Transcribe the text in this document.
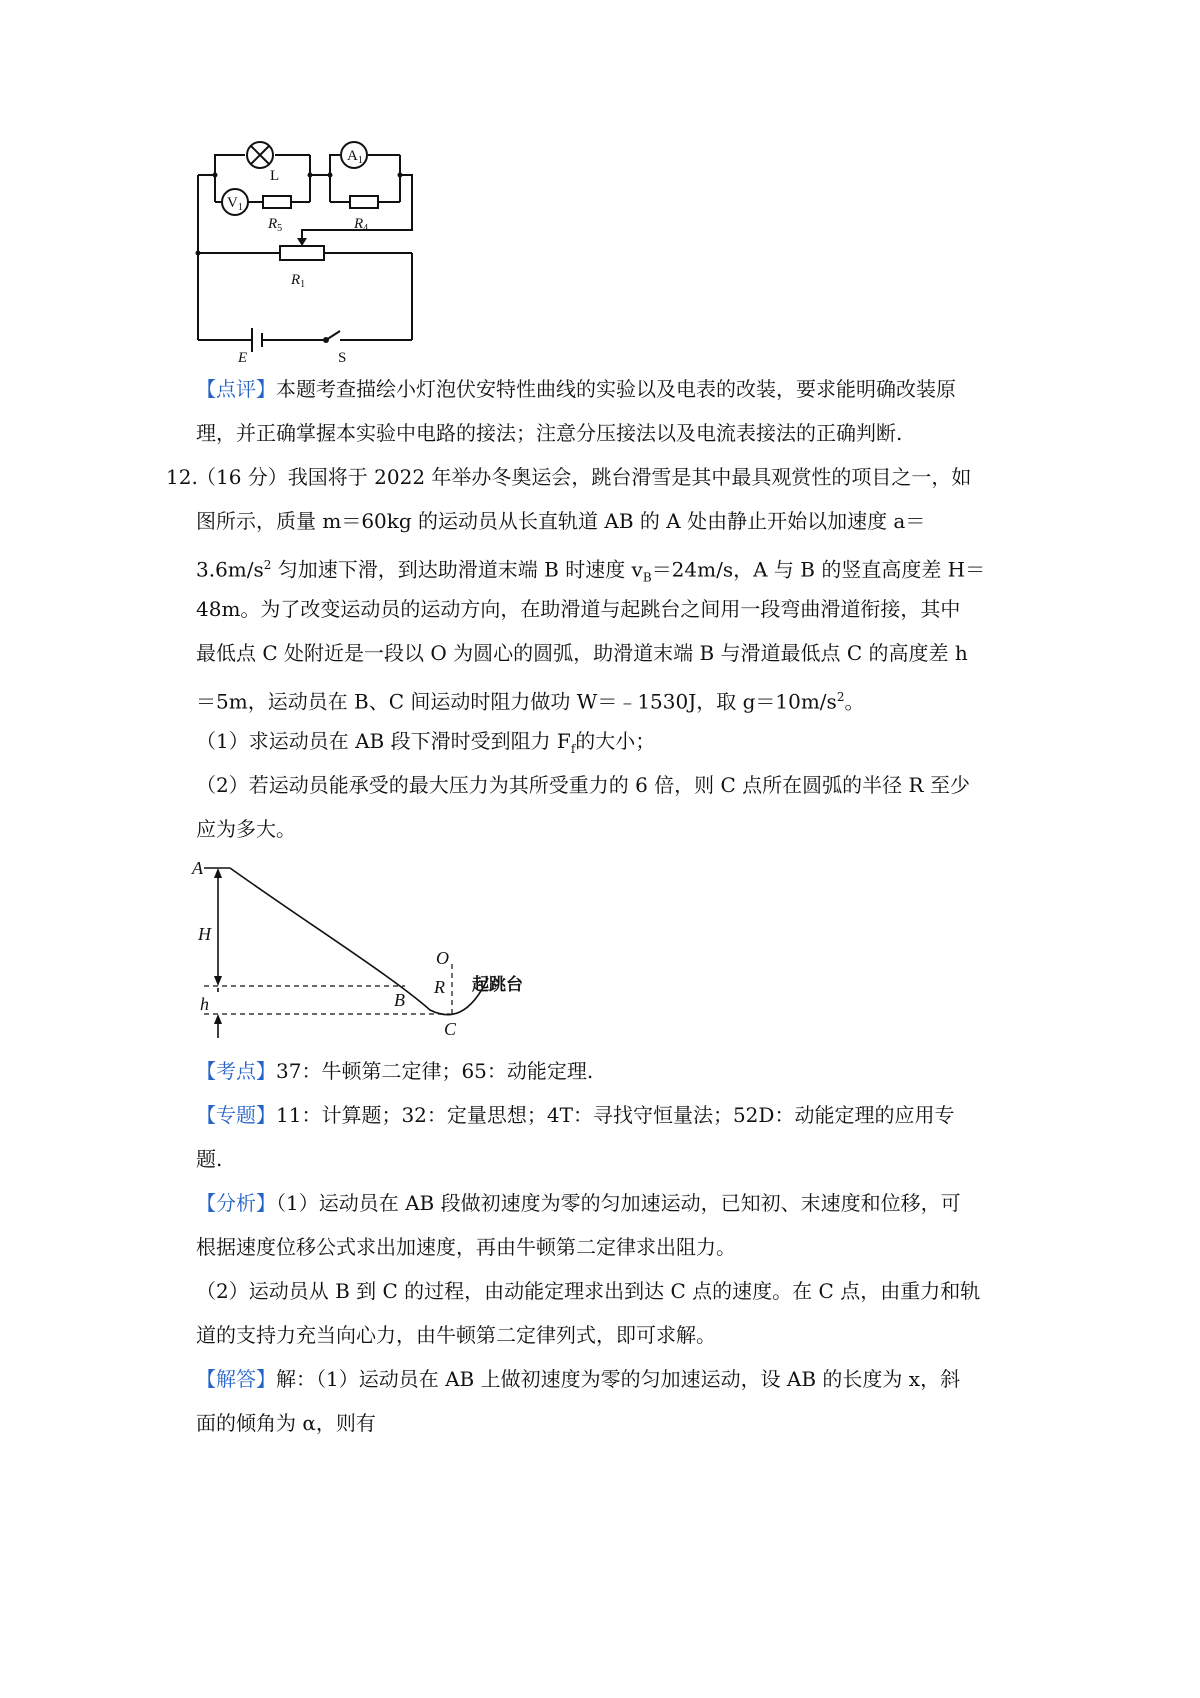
L
$A_1$
$V_1$
$R_5$	$R_4$
$R_1$
E	S
【点评】本题考查描绘小灯泡伏安特性曲线的实验以及电表的改装，要求能明确改装原
理，并正确掌握本实验中电路的接法；注意分压接法以及电流表接法的正确判断.
12.
（16 分）我国将于 2022 年举办冬奥运会，跳台滑雪是其中最具观赏性的项目之一，如
图所示，质量 m＝60kg 的运动员从长直轨道 AB 的 A 处由静止开始以加速度 a＝
$3.6m/s^2$ 匀加速下滑，到达助滑道末端 B 时速度 $v_B=24m/s$，A 与 B 的竖直高度差 H＝
48m。为了改变运动员的运动方向，在助滑道与起跳台之间用一段弯曲滑道衔接，其中
最低点 C 处附近是一段以 O 为圆心的圆弧，助滑道末端 B 与滑道最低点 C 的高度差 h
＝5m，运动员在 B、C 间运动时阻力做功 W＝﹣1530J，取 $g=10m/s^2$。
（1）求运动员在 AB 段下滑时受到阻力 $F_f$的大小；
（2）若运动员能承受的最大压力为其所受重力的 6 倍，则 C 点所在圆弧的半径 R 至少
应为多大。
A
H
h	B
O
R
C
起跳台
【考点】37：牛顿第二定律；65：动能定理.
【专题】11：计算题；32：定量思想；4T：寻找守恒量法；52D：动能定理的应用专
题.
【分析】（1）运动员在 AB 段做初速度为零的匀加速运动，已知初、末速度和位移，可
根据速度位移公式求出加速度，再由牛顿第二定律求出阻力。
（2）运动员从 B 到 C 的过程，由动能定理求出到达 C 点的速度。在 C 点，由重力和轨
道的支持力充当向心力，由牛顿第二定律列式，即可求解。
【解答】解：（1）运动员在 AB 上做初速度为零的匀加速运动，设 AB 的长度为 x，斜
面的倾角为 α，则有
